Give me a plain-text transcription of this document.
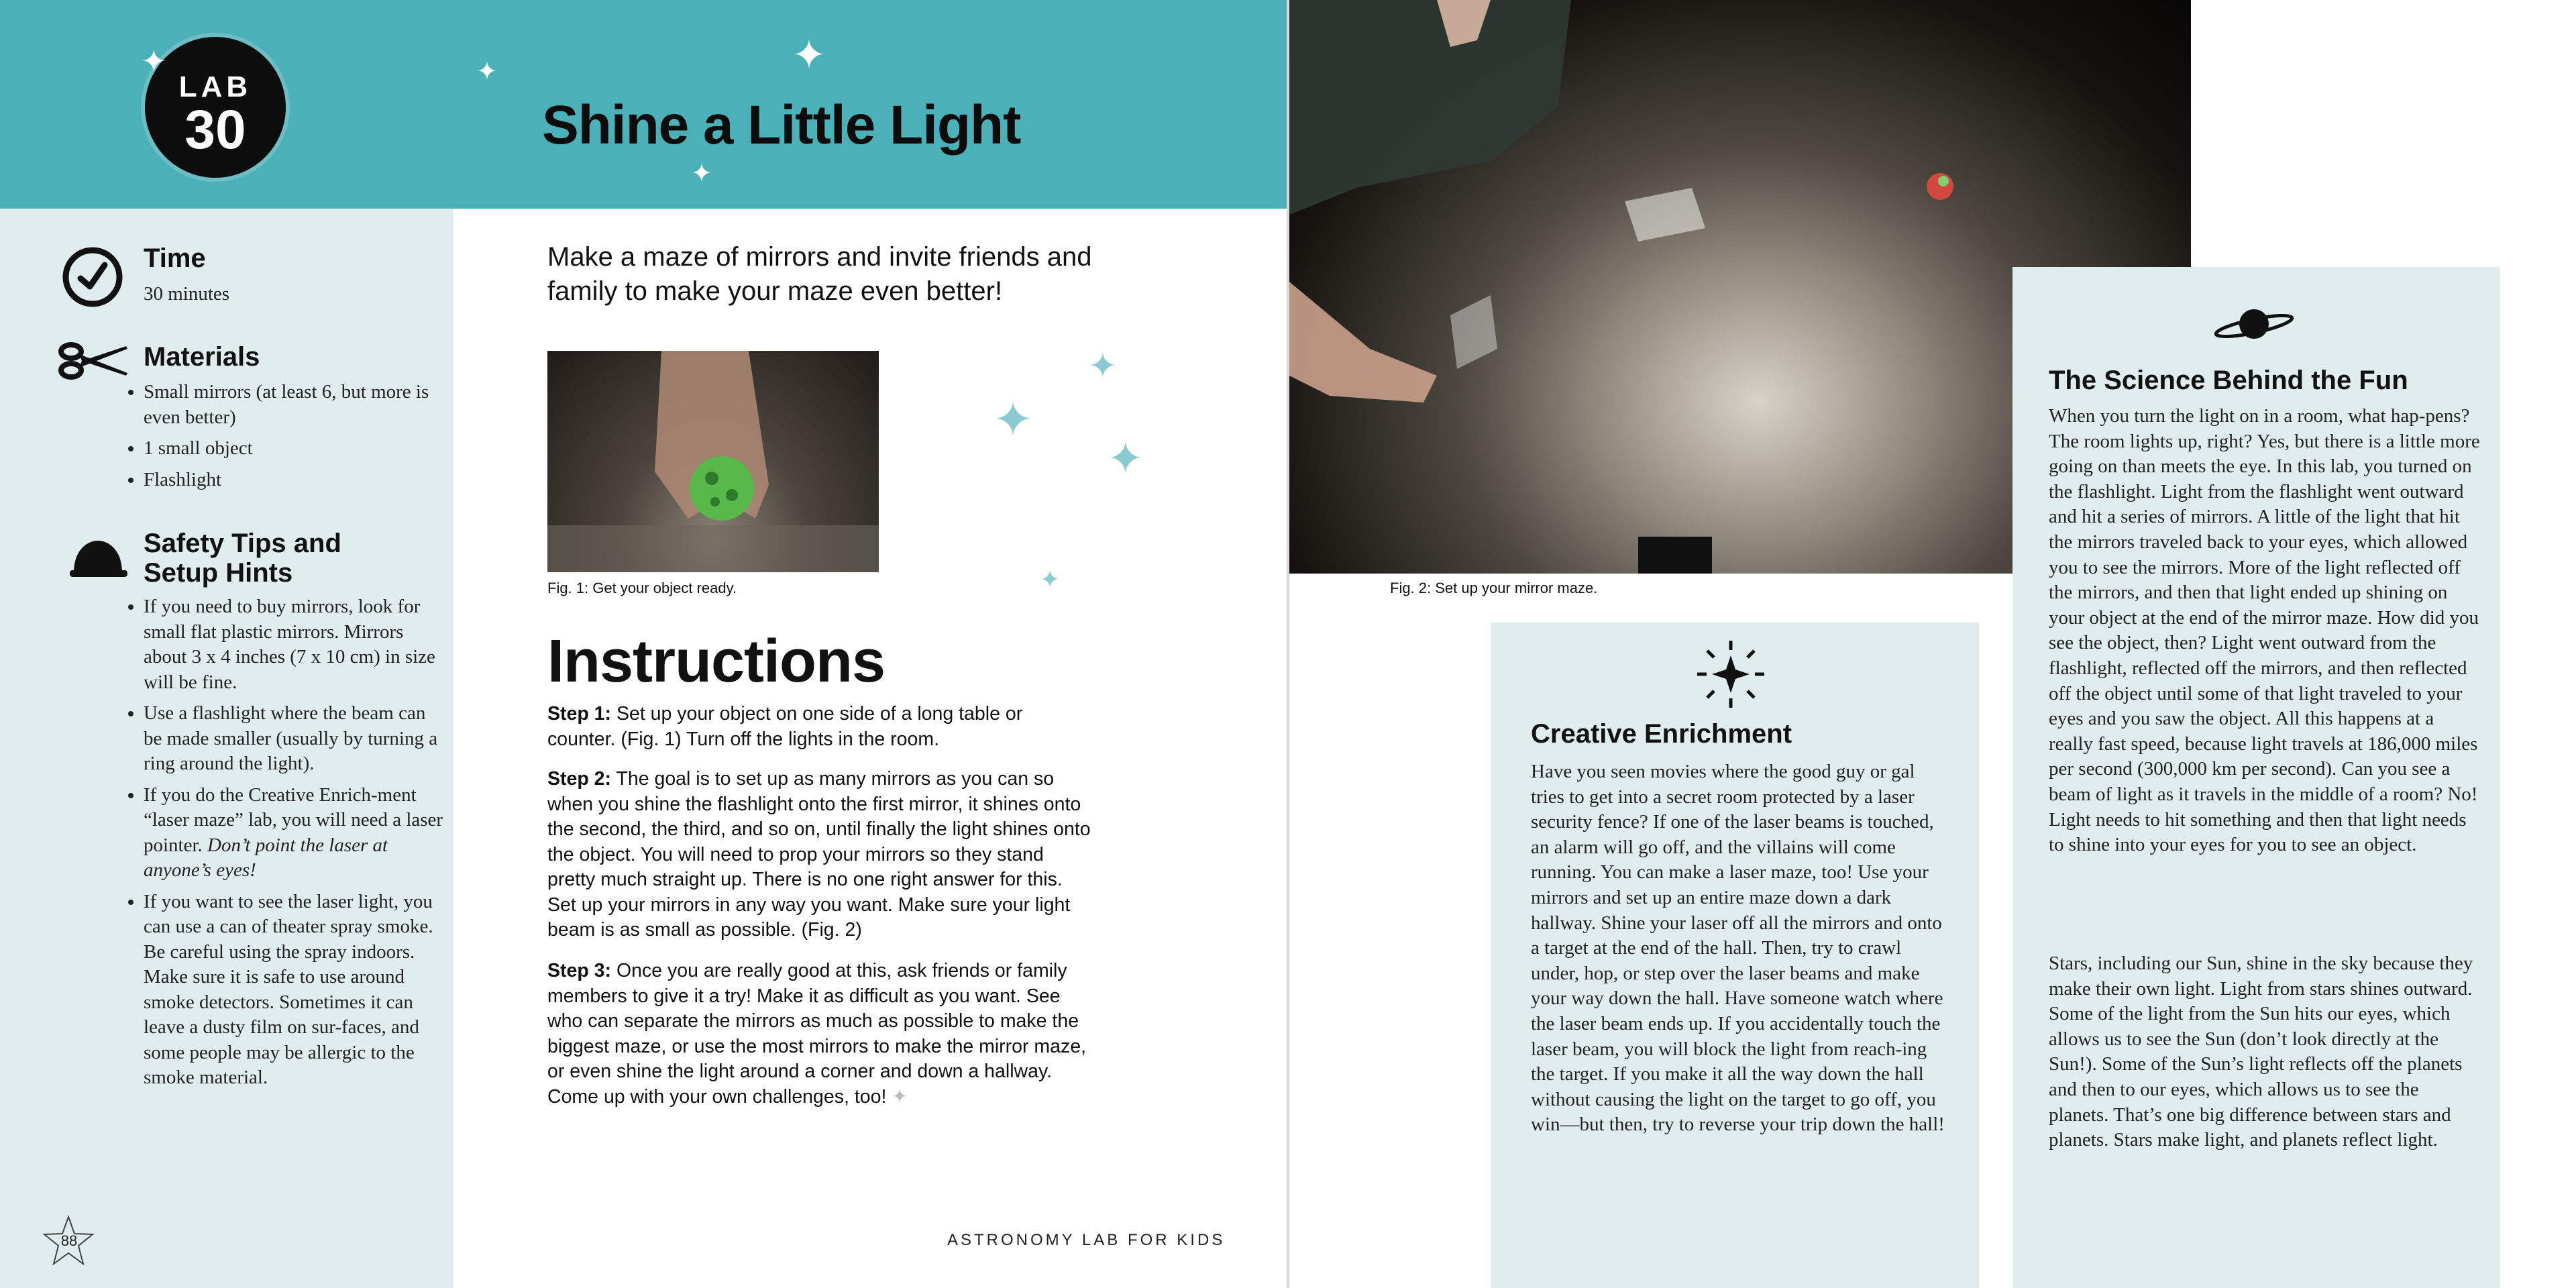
LAB
30
✦	✦	✦
✦
Shine a Little Light
Time
30 minutes
Materials
• Small mirrors (at least 6, but more is even better)
• 1 small object
• Flashlight
Safety Tips and
Setup Hints
• If you need to buy mirrors, look for small flat plastic mirrors. Mirrors about 3 x 4 inches (7 x 10 cm) in size will be fine.
• Use a flashlight where the beam can be made smaller (usually by turning a ring around the light).
• If you do the Creative Enrich-ment “laser maze” lab, you will need a laser pointer. Don’t point the laser at anyone’s eyes!
• If you want to see the laser light, you can use a can of theater spray smoke. Be careful using the spray indoors. Make sure it is safe to use around smoke detectors. Sometimes it can leave a dusty film on sur-faces, and some people may be allergic to the smoke material.
88
Make a maze of mirrors and invite friends and family to make your maze even better!
Fig. 1: Get your object ready.
✦
✦
✦
✦
Instructions
Step 1: Set up your object on one side of a long table or counter. (Fig. 1) Turn off the lights in the room.
Step 2: The goal is to set up as many mirrors as you can so when you shine the flashlight onto the first mirror, it shines onto the second, the third, and so on, until finally the light shines onto the object. You will need to prop your mirrors so they stand pretty much straight up. There is no one right answer for this. Set up your mirrors in any way you want. Make sure your light beam is as small as possible. (Fig. 2)
Step 3: Once you are really good at this, ask friends or family members to give it a try! Make it as difficult as you want. See who can separate the mirrors as much as possible to make the biggest maze, or use the most mirrors to make the mirror maze, or even shine the light around a corner and down a hallway. Come up with your own challenges, too! ✦
ASTRONOMY LAB FOR KIDS
Fig. 2: Set up your mirror maze.
Creative Enrichment
Have you seen movies where the good guy or gal tries to get into a secret room protected by a laser security fence? If one of the laser beams is touched, an alarm will go off, and the villains will come running. You can make a laser maze, too! Use your mirrors and set up an entire maze down a dark hallway. Shine your laser off all the mirrors and onto a target at the end of the hall. Then, try to crawl under, hop, or step over the laser beams and make your way down the hall. Have someone watch where the laser beam ends up. If you accidentally touch the laser beam, you will block the light from reach-ing the target. If you make it all the way down the hall without causing the light on the target to go off, you win—but then, try to reverse your trip down the hall!
The Science Behind the Fun
When you turn the light on in a room, what hap-pens? The room lights up, right? Yes, but there is a little more going on than meets the eye. In this lab, you turned on the flashlight. Light from the flashlight went outward and hit a series of mirrors. A little of the light that hit the mirrors traveled back to your eyes, which allowed you to see the mirrors. More of the light reflected off the mirrors, and then that light ended up shining on your object at the end of the mirror maze. How did you see the object, then? Light went outward from the flashlight, reflected off the mirrors, and then reflected off the object until some of that light traveled to your eyes and you saw the object. All this happens at a really fast speed, because light travels at 186,000 miles per second (300,000 km per second). Can you see a beam of light as it travels in the middle of a room? No! Light needs to hit something and then that light needs to shine into your eyes for you to see an object.
Stars, including our Sun, shine in the sky because they make their own light. Light from stars shines outward. Some of the light from the Sun hits our eyes, which allows us to see the Sun (don’t look directly at the Sun!). Some of the Sun’s light reflects off the planets and then to our eyes, which allows us to see the planets. That’s one big difference between stars and planets. Stars make light, and planets reflect light.
